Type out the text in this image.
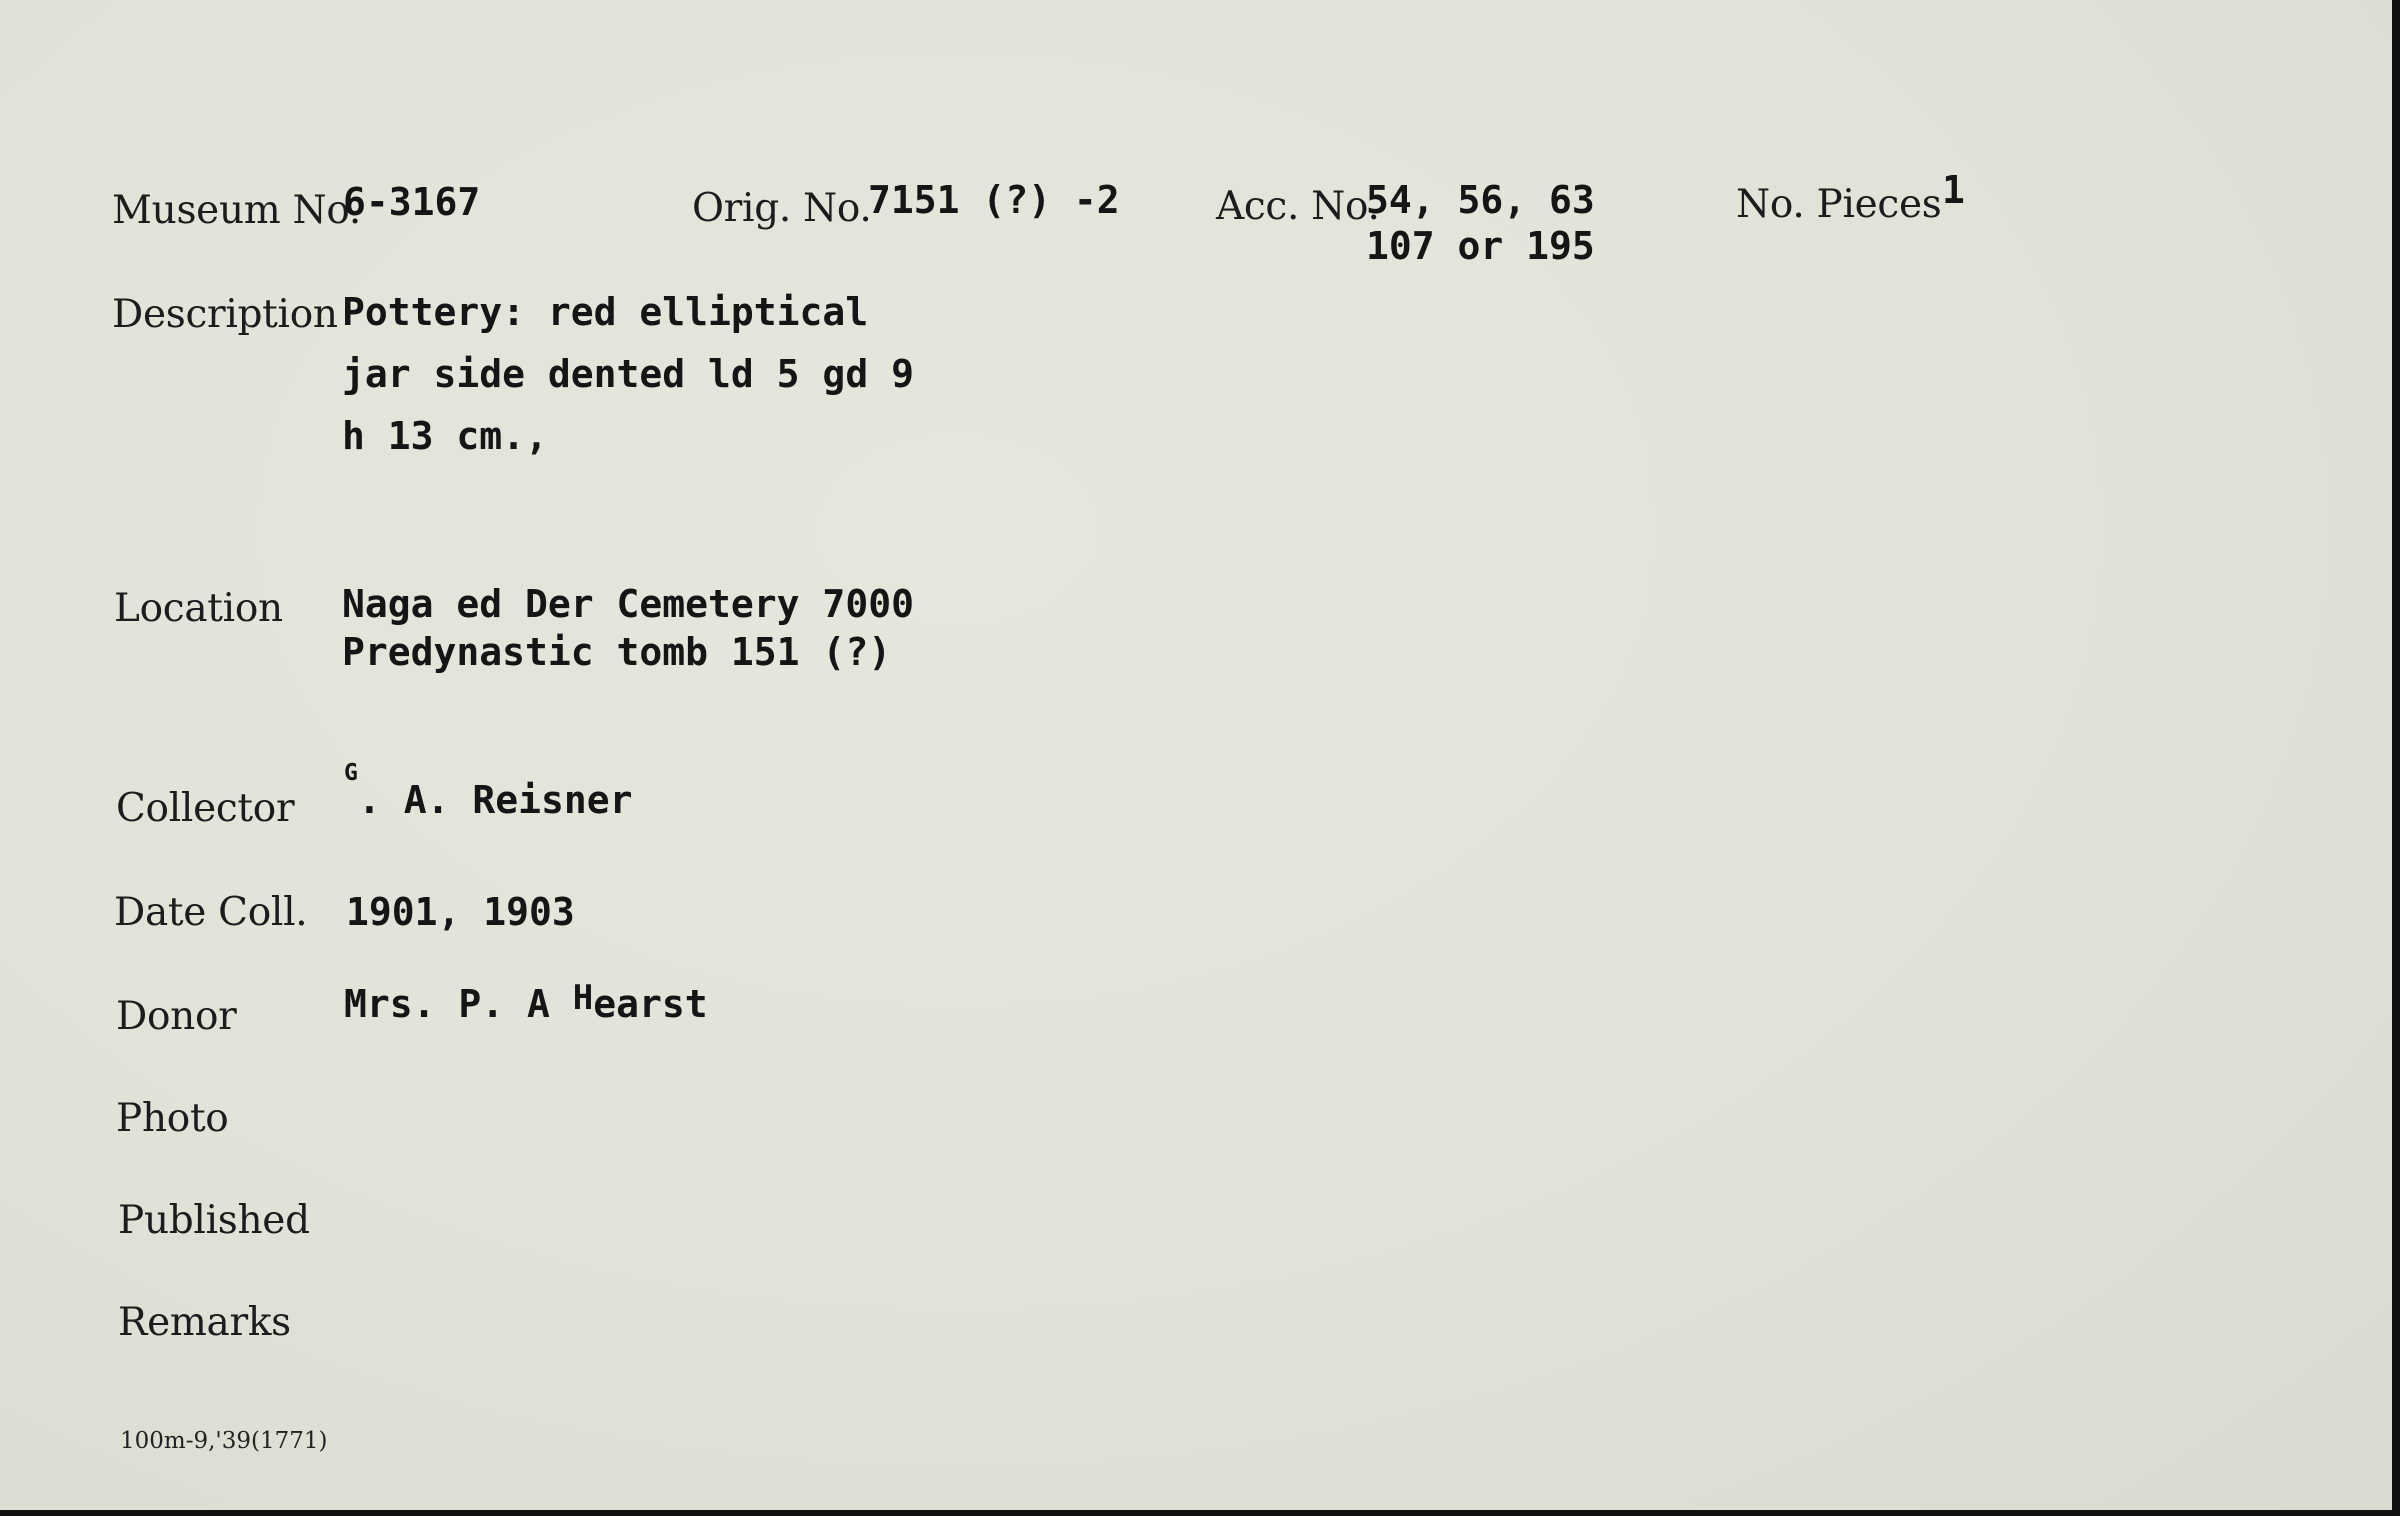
Museum No.
6-3167	Orig. No.
7151 (?) -2 Acc. No.
54, 56, 63
107 or 195
No. Pieces 1
Description Pottery: red elliptical
jar side dented ld 5 gd 9
h 13 cm.,
Location Naga ed Der Cemetery 7000
Predynastic tomb 151 (?)
Collector
G
. A. Reisner
Date Coll. 1901, 1903
Donor	Mrs. P. A Hearst
Photo
Published
Remarks
100m-9,'39(1771)
